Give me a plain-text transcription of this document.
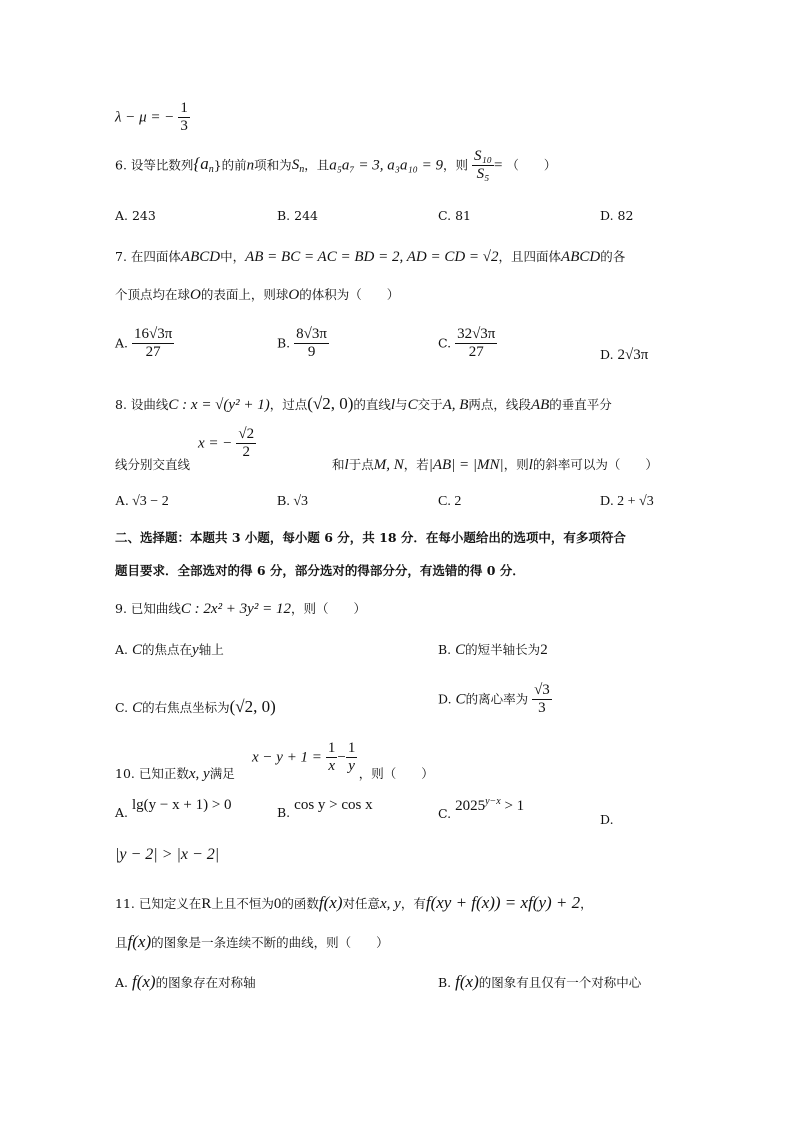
λ − μ = − $\frac{1}{3}$
6. 设等比数列$\{a_n\}$的前n项和为$S_n$，且a₅a₇ = 3, a₃a₁₀ = 9，则 $\frac{\text{S₁₀}}{\text{S₅}}$ = （　　）
A. 243	B. 244	C. 81	D. 82
7. 在四面体ABCD中，AB = BC = AC = BD = 2, AD = CD = √2，且四面体ABCD的各
个顶点均在球O的表面上，则球O的体积为（　　）
A. $\frac{16√3\pi}{27}$	B. $\frac{8√3\pi}{9}$	C. $\frac{32√3\pi}{27}$	D. 2√3π
8. 设曲线C : x = √(y² + 1)，过点(√2, 0)的直线l与C交于A, B两点，线段AB的垂直平分
x = − $\frac{√2}{2}$
线分别交直线	和l于点M, N，若|AB| = |MN|，则l的斜率可以为（　　）
A. √3 − 2	B. √3	C. 2	D. 2 + √3
二、选择题：本题共 3 小题，每小题 6 分，共 18 分．在每小题给出的选项中，有多项符合
题目要求．全部选对的得 6 分，部分选对的得部分分，有选错的得 0 分．
9. 已知曲线C : 2x² + 3y² = 12，则（　　）
A. C的焦点在y轴上	B. C的短半轴长为2
C. C的右焦点坐标为(√2, 0)	D. C的离心率为 $\frac{√3}{3}$
$x - y + 1 = \frac{1}{x} - \frac{1}{y}$
10. 已知正数x, y满足	，则（　　）
A. lg(y − x + 1) > 0	B. cos y > cos x
C. $2025^{y-x} > 1$
D.
|y − 2| > |x − 2|
11. 已知定义在R上且不恒为0的函数f(x)对任意x, y，有f(xy + f(x)) = xf(y) + 2，
且f(x)的图象是一条连续不断的曲线，则（　　）
A. f(x)的图象存在对称轴	B. f(x)的图象有且仅有一个对称中心
